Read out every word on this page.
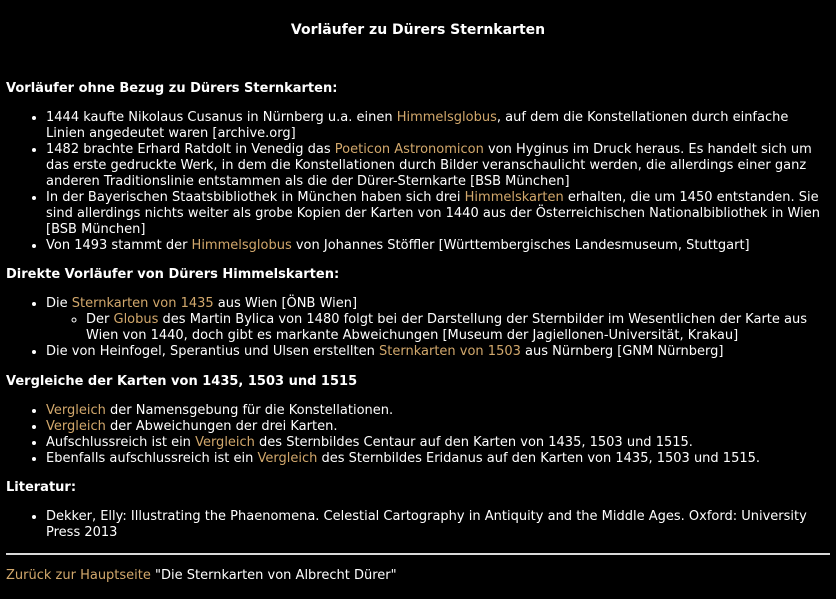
Vorläufer zu Dürers Sternkarten
Vorläufer ohne Bezug zu Dürers Sternkarten:
• 1444 kaufte Nikolaus Cusanus in Nürnberg u.a. einen Himmelsglobus, auf dem die Konstellationen durch einfache Linien angedeutet waren [archive.org]
• 1482 brachte Erhard Ratdolt in Venedig das Poeticon Astronomicon von Hyginus im Druck heraus. Es handelt sich um das erste gedruckte Werk, in dem die Konstellationen durch Bilder veranschaulicht werden, die allerdings einer ganz anderen Traditionslinie entstammen als die der Dürer-Sternkarte [BSB München]
• In der Bayerischen Staatsbibliothek in München haben sich drei Himmelskarten erhalten, die um 1450 entstanden. Sie sind allerdings nichts weiter als grobe Kopien der Karten von 1440 aus der Österreichischen Nationalbibliothek in Wien [BSB München]
• Von 1493 stammt der Himmelsglobus von Johannes Stöffler [Württembergisches Landesmuseum, Stuttgart]
Direkte Vorläufer von Dürers Himmelskarten:
• Die Sternkarten von 1435 aus Wien [ÖNB Wien]
◦ Der Globus des Martin Bylica von 1480 folgt bei der Darstellung der Sternbilder im Wesentlichen der Karte aus Wien von 1440, doch gibt es markante Abweichungen [Museum der Jagiellonen-Universität, Krakau]
• Die von Heinfogel, Sperantius und Ulsen erstellten Sternkarten von 1503 aus Nürnberg [GNM Nürnberg]
Vergleiche der Karten von 1435, 1503 und 1515
• Vergleich der Namensgebung für die Konstellationen.
• Vergleich der Abweichungen der drei Karten.
• Aufschlussreich ist ein Vergleich des Sternbildes Centaur auf den Karten von 1435, 1503 und 1515.
• Ebenfalls aufschlussreich ist ein Vergleich des Sternbildes Eridanus auf den Karten von 1435, 1503 und 1515.
Literatur:
• Dekker, Elly: Illustrating the Phaenomena. Celestial Cartography in Antiquity and the Middle Ages. Oxford: University Press 2013
Zurück zur Hauptseite "Die Sternkarten von Albrecht Dürer"
